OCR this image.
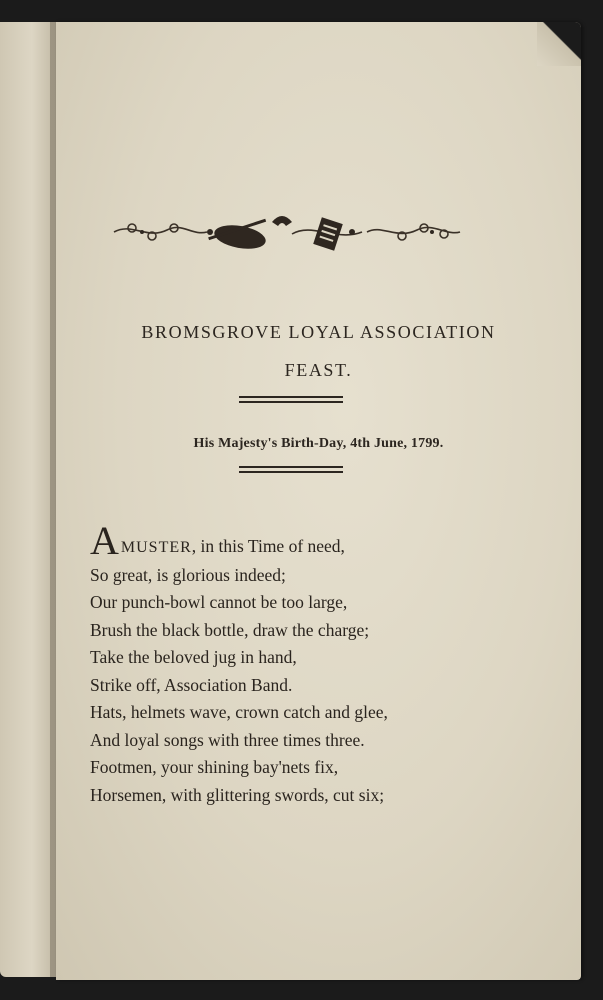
BROMSGROVE LOYAL ASSOCIATION
FEAST.
His Majesty's Birth-Day, 4th June, 1799.
AMUSTER, in this Time of need,
So great, is glorious indeed;
Our punch-bowl cannot be too large,
Brush the black bottle, draw the charge;
Take the beloved jug in hand,
Strike off, Association Band.
Hats, helmets wave, crown catch and glee,
And loyal songs with three times three.
Footmen, your shining bay'nets fix,
Horsemen, with glittering swords, cut six;
